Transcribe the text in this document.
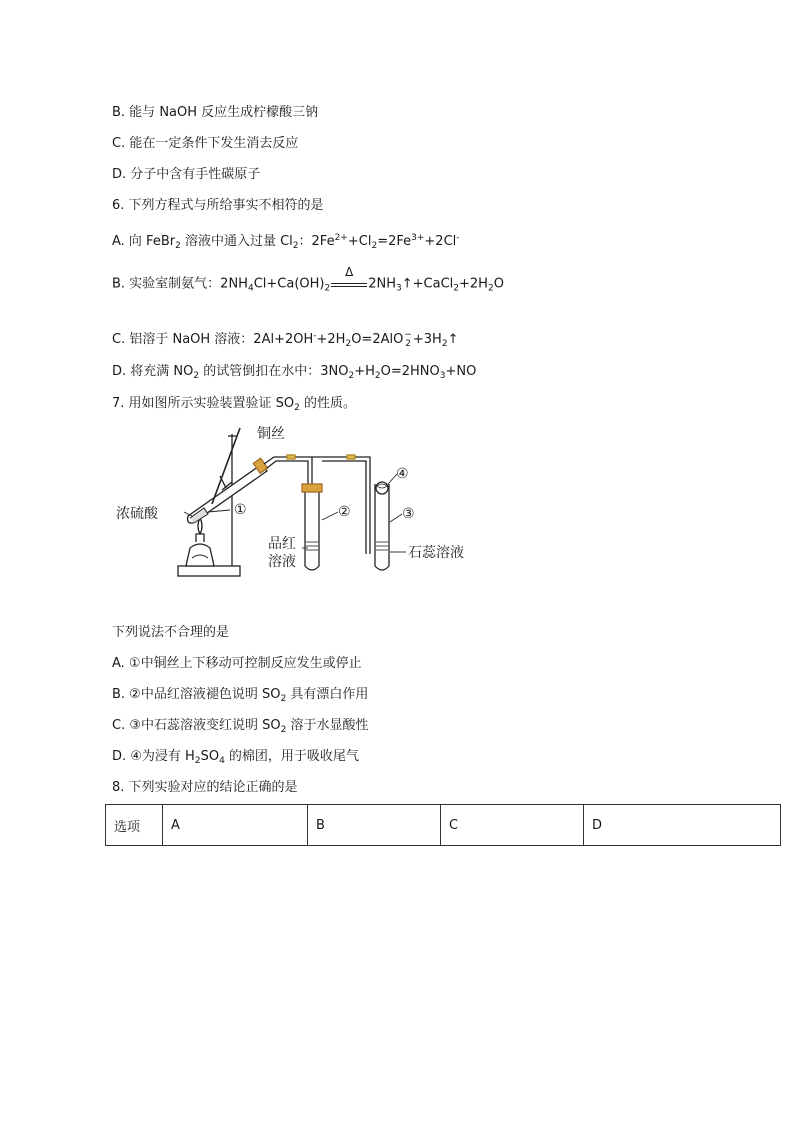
B. 能与 NaOH 反应生成柠檬酸三钠
C. 能在一定条件下发生消去反应
D. 分子中含有手性碳原子
6. 下列方程式与所给事实不相符的是
A. 向 FeBr$_2$ 溶液中通入过量 $Cl_2$：$2Fe^{2+}+Cl_2=2Fe^{3+}+2Cl^-$
B. 实验室制氨气：$2NH_4Cl+Ca(OH)_2$
Δ
$2NH_3↑+CaCl_2+2H_2O$
C. 铝溶于 NaOH 溶液：$2Al+2OH^-+2H_2O=2AlO-$
$2 +3H_2↑$
D. 将充满 $NO_2$ 的试管倒扣在水中：$3NO_2+H_2O=2HNO_3+NO$
7. 用如图所示实验装置验证 $SO_2$ 的性质。
铜丝
浓硫酸	①	②	③
④
品红
溶液
石蕊溶液
下列说法不合理的是
A. ①中铜丝上下移动可控制反应发生或停止
B. ②中品红溶液褪色说明 $SO_2$ 具有漂白作用
C. ③中石蕊溶液变红说明 $SO_2$ 溶于水显酸性
D. ④为浸有 $H_2SO_4$ 的棉团，用于吸收尾气
8. 下列实验对应的结论正确的是
选项	A	B	C	D
